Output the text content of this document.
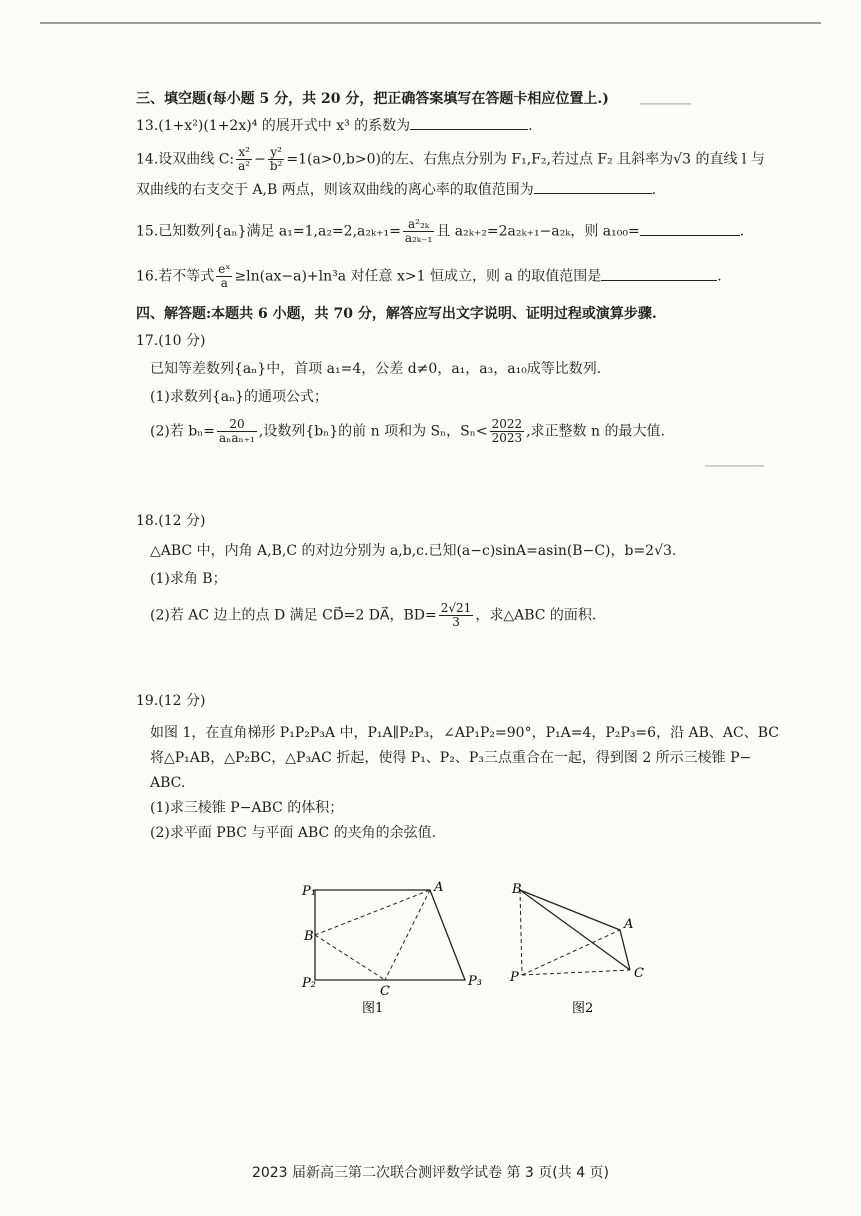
▁▁▁▁▁▁
▁▁▁▁▁▁▁
三、填空题(每小题 5 分，共 20 分，把正确答案填写在答题卡相应位置上.)
13.(1+x²)(1+2x)⁴ 的展开式中 x³ 的系数为	.
14.设双曲线 C: $\frac{\text{x²}}{\text{a²}} - \frac{\text{y²}}{\text{b²}} =1(a>0,b>0)$的左、右焦点分别为 F₁,F₂,若过点 F₂ 且斜率为√3 的直线 l 与
双曲线的右支交于 A,B 两点，则该双曲线的离心率的取值范围为	.
15.已知数列{aₙ}满足 $a_1=1,a_2=2,a_{2k+1}= \frac{\text{a²₂ₖ}}{\text{a₂ₖ₋₁}}$ 且 a₂ₖ₊₂=2a₂ₖ₊₁−a₂ₖ，则 a₁₀₀=	.
16.若不等式 $\frac{\text{eˣ}}{a} \ge\ln(ax-a)+\ln^3a$ 对任意 x>1 恒成立，则 a 的取值范围是	.
四、解答题:本题共 6 小题，共 70 分，解答应写出文字说明、证明过程或演算步骤.
17.(10 分)
已知等差数列{aₙ}中，首项 a₁=4，公差 d≠0，a₁，a₃，a₁₀成等比数列.
(1)求数列{aₙ}的通项公式；
(2)若 $b_n= \frac{20}{\text{aₙaₙ₊₁}}$ ,设数列{bₙ}的前 n 项和为 Sₙ，$S_n< \frac{2022}{2023}$ ,求正整数 n 的最大值.
18.(12 分)
△ABC 中，内角 A,B,C 的对边分别为 a,b,c.已知(a−c)sinA=asin(B−C)，b=2√3.
(1)求角 B；
(2)若 AC 边上的点 D 满足 CD⃗=2 DA⃗，$BD= \frac{2√21}{3}$ ，求△ABC 的面积.
19.(12 分)
如图 1，在直角梯形 P₁P₂P₃A 中，P₁A∥P₂P₃，∠AP₁P₂=90°，P₁A=4，P₂P₃=6，沿 AB、AC、BC
将△P₁AB，△P₂BC，△P₃AC 折起，使得 P₁、P₂、P₃三点重合在一起，得到图 2 所示三棱锥 P−
ABC.
(1)求三棱锥 P−ABC 的体积；
(2)求平面 PBC 与平面 ABC 的夹角的余弦值.
P₁	A
B
P₂
C
P₃
图1
B
A
P	C
图2
2023 届新高三第二次联合测评数学试卷 第 3 页(共 4 页)
